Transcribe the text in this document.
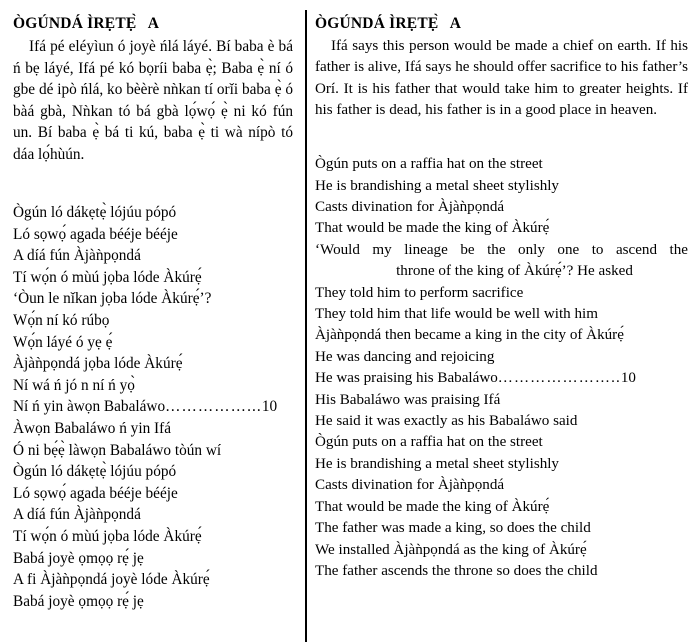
ÒGÚNDÁ ÌRẸTẸ̀   A

Ifá pé eléyìun ó joyè ńlá láyé. Bí baba è bá ń bẹ láyé, Ifá pé kó bọríi baba ẹ̀; Baba ẹ̀ ní ó gbe dé ipò ńlá, ko bèèrè nǹkan tí orǐi baba ẹ̀ ó bàá gbà, Nǹkan tó bá gbà lọ́wọ́ ẹ̀ ni kó fún un. Bí baba ẹ̀ bá ti kú, baba ẹ̀ ti wà nípò tó dáa lọ́hùún.

Ògún ló dákẹtẹ̀ lójúu pópó
Ló sọwọ́ agada bééje bééje
A díá fún Àjàǹpọndá
Tí wọ́n ó mùú jọba lóde Àkúrẹ́
‘Òun le nǐkan jọba lóde Àkúrẹ́’?
Wọ́n ní kó rúbọ
Wọ́n láyé ó yẹ ẹ́
Àjàǹpọndá jọba lóde Àkúrẹ́
Ní wá ń jó n ní ń yọ̀
Ní ń yin àwọn Babaláwo……………...10
Àwọn Babaláwo ń yin Ifá
Ó ni bẹ́ẹ̀ làwọn Babaláwo tòún wí
Ògún ló dákẹtẹ̀ lójúu pópó
Ló sọwọ́ agada bééje bééje
A díá fún Àjàǹpọndá
Tí wọ́n ó mùú jọba lóde Àkúrẹ́
Babá joyè ọmọọ rẹ́ jẹ
A fi Àjàǹpọndá joyè lóde Àkúrẹ́
Babá joyè ọmọọ rẹ́ jẹ
ÒGÚNDÁ ÌRẸTẸ̀   A

Ifá says this person would be made a chief on earth. If his father is alive, Ifá says he should offer sacrifice to his father’s Orí. It is his father that would take him to greater heights. If his father is dead, his father is in a good place in heaven.

Ògún puts on a raffia hat on the street
He is brandishing a metal sheet stylishly
Casts divination for Àjàǹpọndá
That would be made the king of Àkúrẹ́
‘Would my lineage be the only one to ascend the
throne of the king of Àkúrẹ́’? He asked
They told him to perform sacrifice
They told him that life would be well with him
Àjàǹpọndá then became a king in the city of Àkúrẹ́
He was dancing and rejoicing
He was praising his Babaláwo…………………..10
His Babaláwo was praising Ifá
He said it was exactly as his Babaláwo said
Ògún puts on a raffia hat on the street
He is brandishing a metal sheet stylishly
Casts divination for Àjàǹpọndá
That would be made the king of Àkúrẹ́
The father was made a king, so does the child
We installed Àjàǹpọndá as the king of Àkúrẹ́
The father ascends the throne so does the child
